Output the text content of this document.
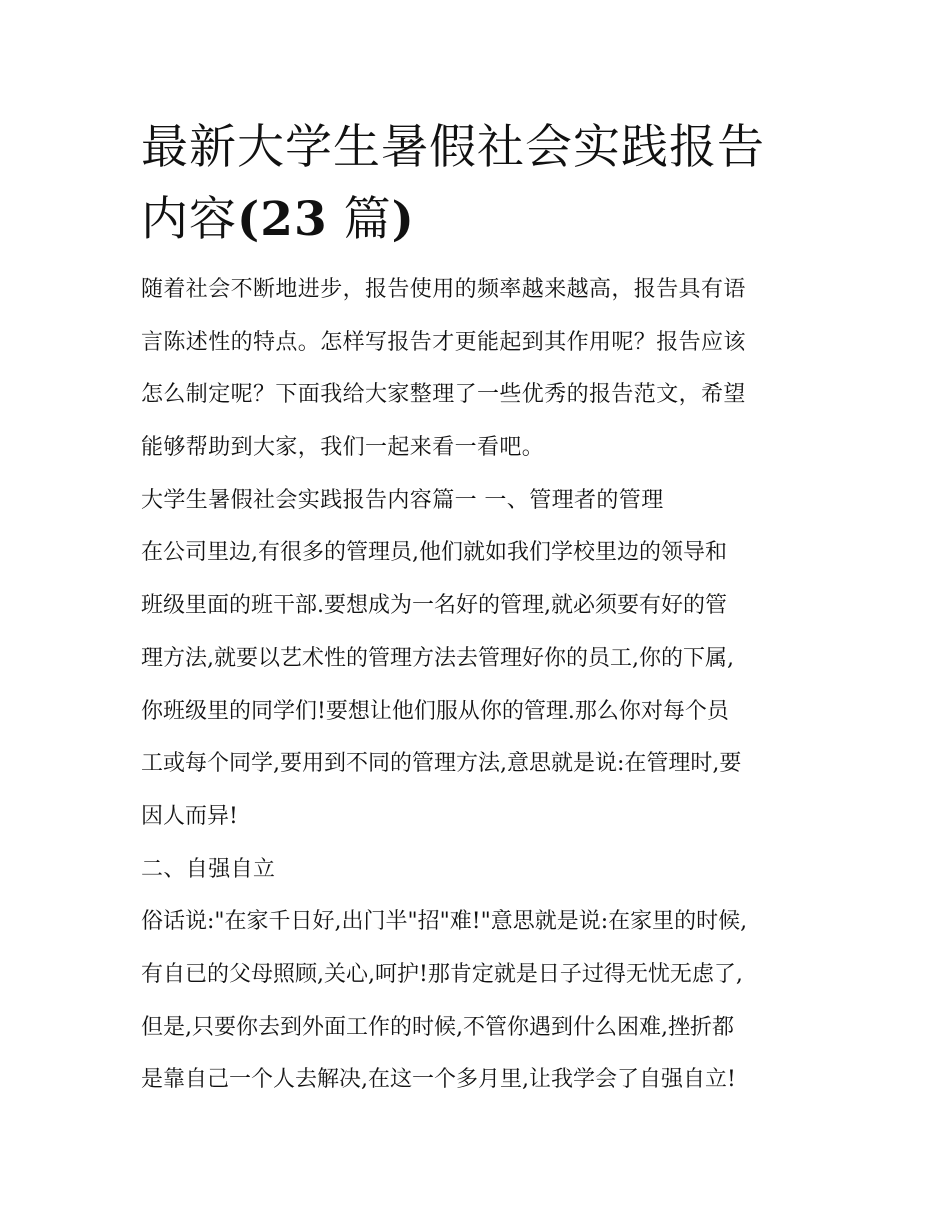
最新大学生暑假社会实践报告
内容(23 篇)
随着社会不断地进步，报告使用的频率越来越高，报告具有语
言陈述性的特点。怎样写报告才更能起到其作用呢？报告应该
怎么制定呢？下面我给大家整理了一些优秀的报告范文，希望
能够帮助到大家，我们一起来看一看吧。
大学生暑假社会实践报告内容篇一 一、管理者的管理
在公司里边,有很多的管理员,他们就如我们学校里边的领导和
班级里面的班干部.要想成为一名好的管理,就必须要有好的管
理方法,就要以艺术性的管理方法去管理好你的员工,你的下属,
你班级里的同学们!要想让他们服从你的管理.那么你对每个员
工或每个同学,要用到不同的管理方法,意思就是说:在管理时,要
因人而异!
二、自强自立
俗话说:"在家千日好,出门半"招"难!"意思就是说:在家里的时候,
有自已的父母照顾,关心,呵护!那肯定就是日子过得无忧无虑了,
但是,只要你去到外面工作的时候,不管你遇到什么困难,挫折都
是靠自己一个人去解决,在这一个多月里,让我学会了自强自立!
